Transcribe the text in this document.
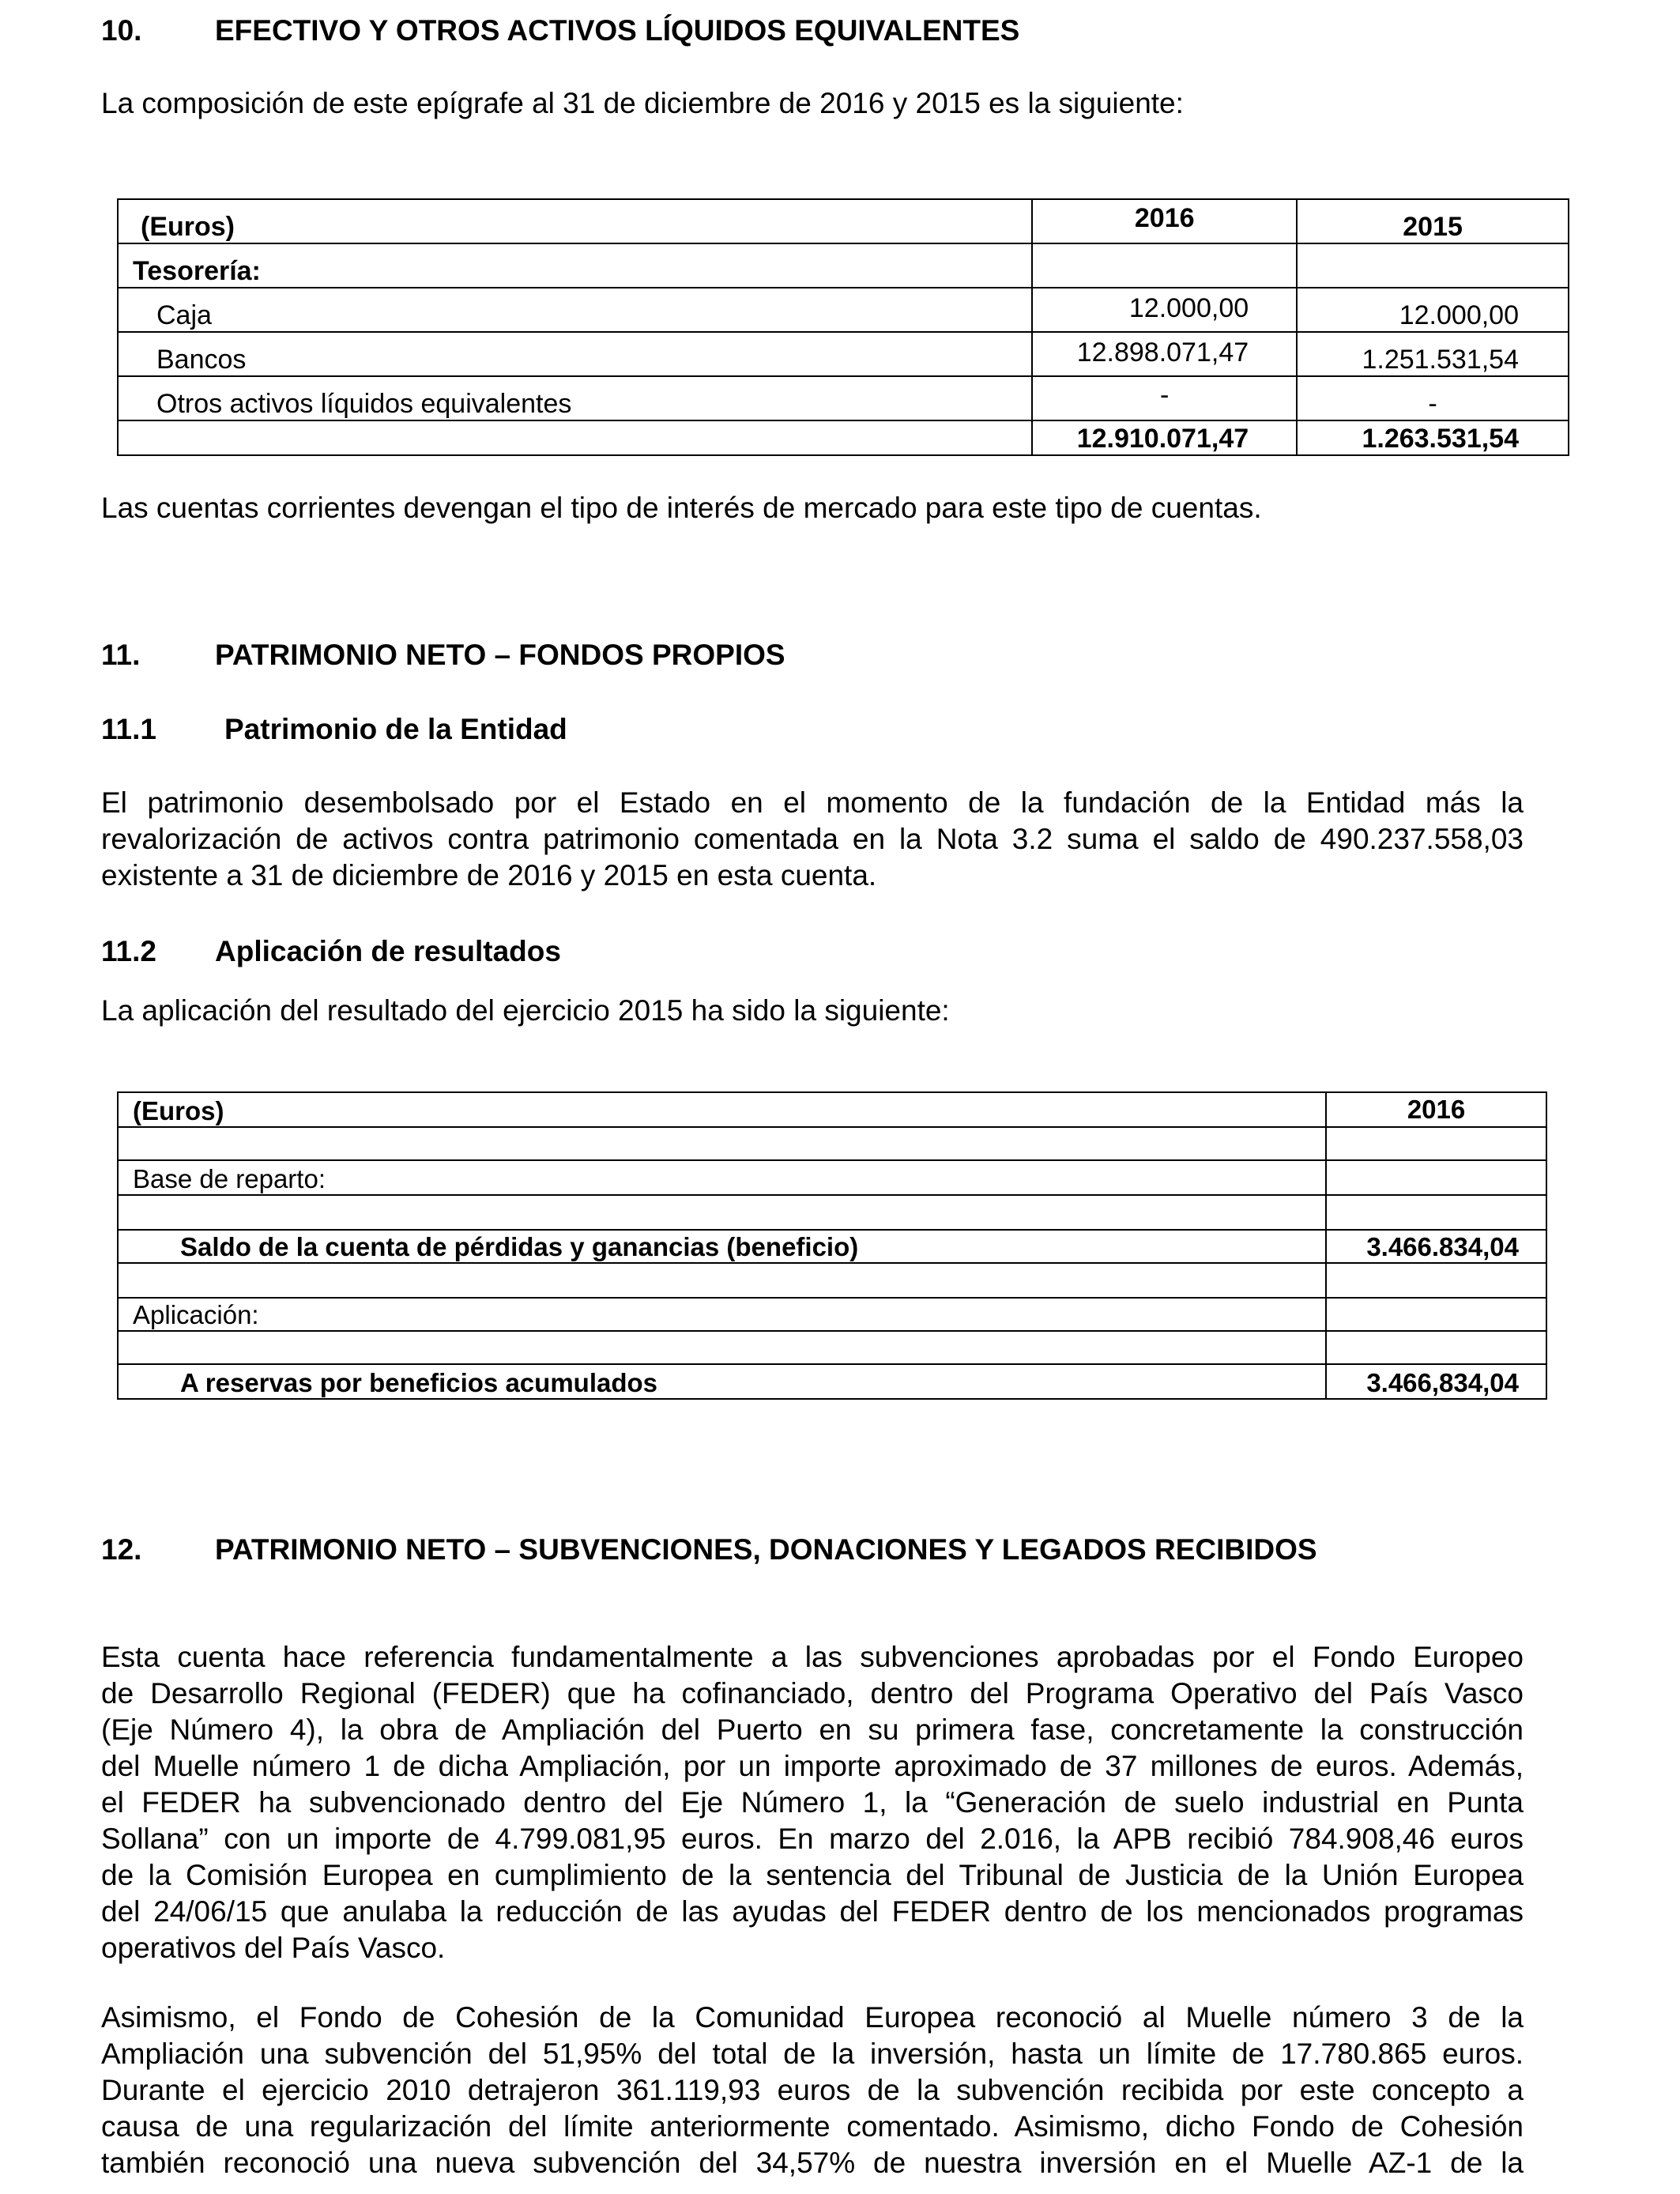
10.	EFECTIVO Y OTROS ACTIVOS LÍQUIDOS EQUIVALENTES
La composición de este epígrafe al 31 de diciembre de 2016 y 2015 es la siguiente:
(Euros)	2016	2015
Tesorería:		
Caja	12.000,00	12.000,00
Bancos	12.898.071,47	1.251.531,54
Otros activos líquidos equivalentes	-	-
	12.910.071,47	1.263.531,54
Las cuentas corrientes devengan el tipo de interés de mercado para este tipo de cuentas.
11.	PATRIMONIO NETO – FONDOS PROPIOS
11.1 Patrimonio de la Entidad
El patrimonio desembolsado por el Estado en el momento de la fundación de la Entidad más la
revalorización de activos contra patrimonio comentada en la Nota 3.2 suma el saldo de 490.237.558,03
existente a 31 de diciembre de 2016 y 2015 en esta cuenta.
11.2 Aplicación de resultados
La aplicación del resultado del ejercicio 2015 ha sido la siguiente:
(Euros)	2016

Base de reparto:	

Saldo de la cuenta de pérdidas y ganancias (beneficio)	3.466.834,04

Aplicación:	

A reservas por beneficios acumulados	3.466,834,04
12.	PATRIMONIO NETO – SUBVENCIONES, DONACIONES Y LEGADOS RECIBIDOS
Esta cuenta hace referencia fundamentalmente a las subvenciones aprobadas por el Fondo Europeo
de Desarrollo Regional (FEDER) que ha cofinanciado, dentro del Programa Operativo del País Vasco
(Eje Número 4), la obra de Ampliación del Puerto en su primera fase, concretamente la construcción
del Muelle número 1 de dicha Ampliación, por un importe aproximado de 37 millones de euros. Además,
el FEDER ha subvencionado dentro del Eje Número 1, la “Generación de suelo industrial en Punta
Sollana” con un importe de 4.799.081,95 euros. En marzo del 2.016, la APB recibió 784.908,46 euros
de la Comisión Europea en cumplimiento de la sentencia del Tribunal de Justicia de la Unión Europea
del 24/06/15 que anulaba la reducción de las ayudas del FEDER dentro de los mencionados programas
operativos del País Vasco.
Asimismo, el Fondo de Cohesión de la Comunidad Europea reconoció al Muelle número 3 de la
Ampliación una subvención del 51,95% del total de la inversión, hasta un límite de 17.780.865 euros.
Durante el ejercicio 2010 detrajeron 361.119,93 euros de la subvención recibida por este concepto a
causa de una regularización del límite anteriormente comentado. Asimismo, dicho Fondo de Cohesión
también reconoció una nueva subvención del 34,57% de nuestra inversión en el Muelle AZ-1 de la
